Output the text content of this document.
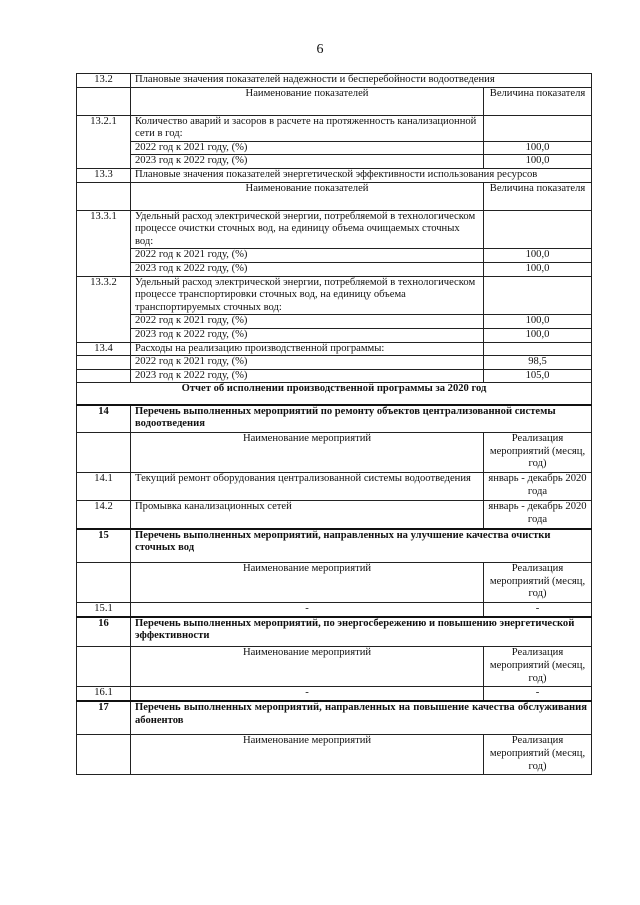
6
13.2	Плановые значения показателей надежности и бесперебойности водоотведения	
	Наименование показателей	Величина показателя
13.2.1	Количество аварий и засоров в расчете на протяженность канализационной сети в год:	
	2022 год к 2021 году, (%)	100,0
	2023 год к 2022 году, (%)	100,0
13.3	Плановые значения показателей энергетической эффективности использования ресурсов	
	Наименование показателей	Величина показателя
13.3.1	Удельный расход электрической энергии, потребляемой в технологическом процессе очистки сточных вод, на единицу объема очищаемых сточных вод:	
	2022 год к 2021 году, (%)	100,0
	2023 год к 2022 году, (%)	100,0
13.3.2	Удельный расход электрической энергии, потребляемой в технологическом процессе транспортировки сточных вод, на единицу объема транспортируемых сточных вод:	
	2022 год к 2021 году, (%)	100,0
	2023 год к 2022 году, (%)	100,0
13.4	Расходы на реализацию производственной программы:	
	2022 год к 2021 году, (%)	98,5
	2023 год к 2022 году, (%)	105,0
Отчет об исполнении производственной программы за 2020 год		
14	Перечень выполненных мероприятий по ремонту объектов централизованной системы водоотведения	
	Наименование мероприятий	Реализация мероприятий (месяц, год)
14.1	Текущий ремонт оборудования централизованной системы водоотведения	январь - декабрь 2020 года
14.2	Промывка канализационных сетей	январь - декабрь 2020 года
15	Перечень выполненных мероприятий, направленных на улучшение качества очистки сточных вод	
	Наименование мероприятий	Реализация мероприятий (месяц, год)
15.1	-	-
16	Перечень выполненных мероприятий, по энергосбережению и повышению энергетической эффективности	
	Наименование мероприятий	Реализация мероприятий (месяц, год)
16.1	-	-
17	Перечень выполненных мероприятий, направленных на повышение качества обслуживания абонентов	
	Наименование мероприятий	Реализация мероприятий (месяц, год)
